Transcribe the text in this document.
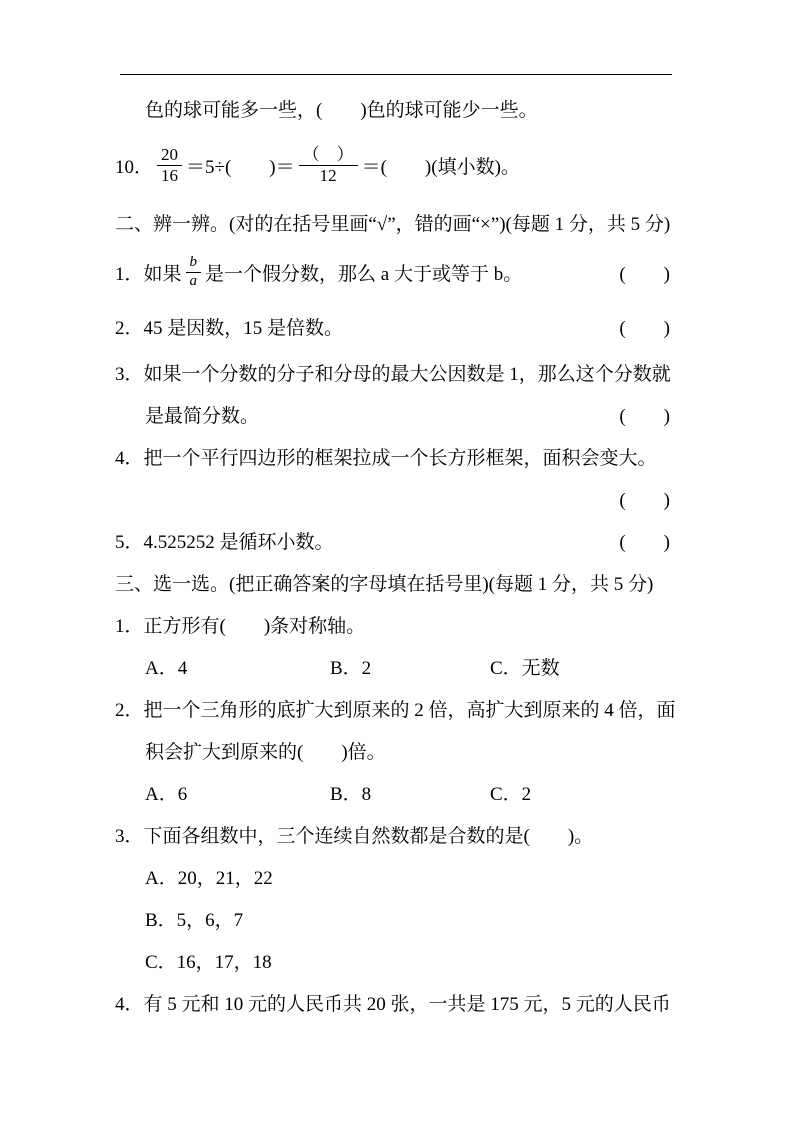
色的球可能多一些，(　　)色的球可能少一些。
10． $\frac{20}{16} =5\div$(　　)＝ $\frac{( )}{12}$ ＝(　　)(填小数)。
二、辨一辨。(对的在括号里画“√”，错的画“×”)(每题 1 分，共 5 分)
1．如果 $\frac{b}{a}$ 是一个假分数，那么 a 大于或等于 b。	(　　)
2．45 是因数，15 是倍数。	(　　)
3．如果一个分数的分子和分母的最大公因数是 1，那么这个分数就
是最简分数。	(　　)
4．把一个平行四边形的框架拉成一个长方形框架，面积会变大。
(　　)
5．4.525252 是循环小数。	(　　)
三、选一选。(把正确答案的字母填在括号里)(每题 1 分，共 5 分)
1．正方形有(　　)条对称轴。
A．4	B．2	C．无数
2．把一个三角形的底扩大到原来的 2 倍，高扩大到原来的 4 倍，面
积会扩大到原来的(　　)倍。
A．6	B．8	C．2
3．下面各组数中，三个连续自然数都是合数的是(　　)。
A．20，21，22
B．5，6，7
C．16，17，18
4．有 5 元和 10 元的人民币共 20 张，一共是 175 元，5 元的人民币
